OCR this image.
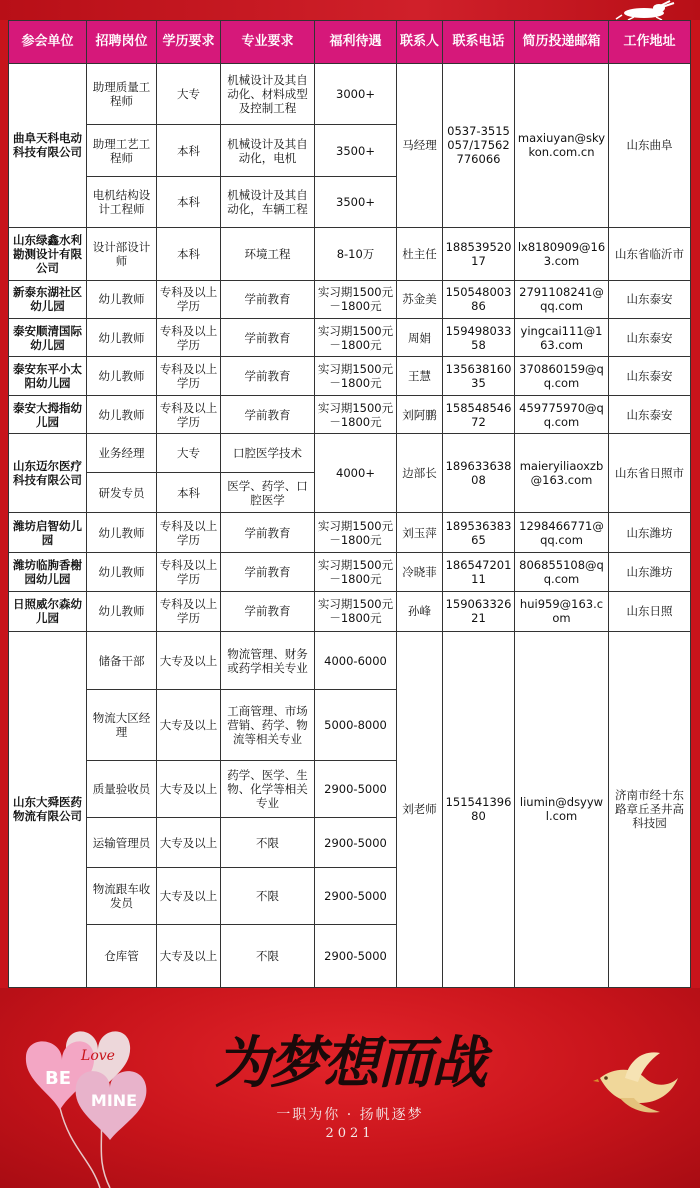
参会单位	招聘岗位	学历要求	专业要求	福利待遇	联系人	联系电话	简历投递邮箱	工作地址
曲阜天科电动科技有限公司	助理质量工程师	大专	机械设计及其自动化、材料成型及控制工程	3000+	马经理	0537-3515057/17562776066	maxiuyan@skykon.com.cn	山东曲阜
	助理工艺工程师	本科	机械设计及其自动化，电机	3500+				
	电机结构设计工程师	本科	机械设计及其自动化，车辆工程	3500+				
山东绿鑫水利勘测设计有限公司	设计部设计师	本科	环境工程	8-10万	杜主任	18853952017	lx8180909@163.com	山东省临沂市
新泰东湖社区幼儿园	幼儿教师	专科及以上学历	学前教育	实习期1500元－1800元	苏金美	15054800386	2791108241@qq.com	山东泰安
泰安顺清国际幼儿园	幼儿教师	专科及以上学历	学前教育	实习期1500元－1800元	周娟	15949803358	yingcai111@163.com	山东泰安
泰安东平小太阳幼儿园	幼儿教师	专科及以上学历	学前教育	实习期1500元－1800元	王慧	13563816035	370860159@qq.com	山东泰安
泰安大拇指幼儿园	幼儿教师	专科及以上学历	学前教育	实习期1500元－1800元	刘阿鹏	15854854672	459775970@qq.com	山东泰安
山东迈尔医疗科技有限公司	业务经理	大专	口腔医学技术	4000+	边部长	18963363808	maieryiliaoxzb@163.com	山东省日照市
	研发专员	本科	医学、药学、口腔医学					
潍坊启智幼儿园	幼儿教师	专科及以上学历	学前教育	实习期1500元－1800元	刘玉萍	18953638365	1298466771@qq.com	山东潍坊
潍坊临朐香榭园幼儿园	幼儿教师	专科及以上学历	学前教育	实习期1500元－1800元	冷晓菲	18654720111	806855108@qq.com	山东潍坊
日照威尔森幼儿园	幼儿教师	专科及以上学历	学前教育	实习期1500元－1800元	孙峰	15906332621	hui959@163.com	山东日照
山东大舜医药物流有限公司	储备干部	大专及以上	物流管理、财务或药学相关专业	4000-6000	刘老师	15154139680	liumin@dsyywl.com	济南市经十东路章丘圣井高科技园
	物流大区经理	大专及以上	工商管理、市场营销、药学、物流等相关专业	5000-8000				
	质量验收员	大专及以上	药学、医学、生物、化学等相关专业	2900-5000				
	运输管理员	大专及以上	不限	2900-5000				
	物流跟车收发员	大专及以上	不限	2900-5000				
	仓库管	大专及以上	不限	2900-5000				
Love
BE
MINE
为梦想而战
一职为你 · 扬帆逐梦
2021
